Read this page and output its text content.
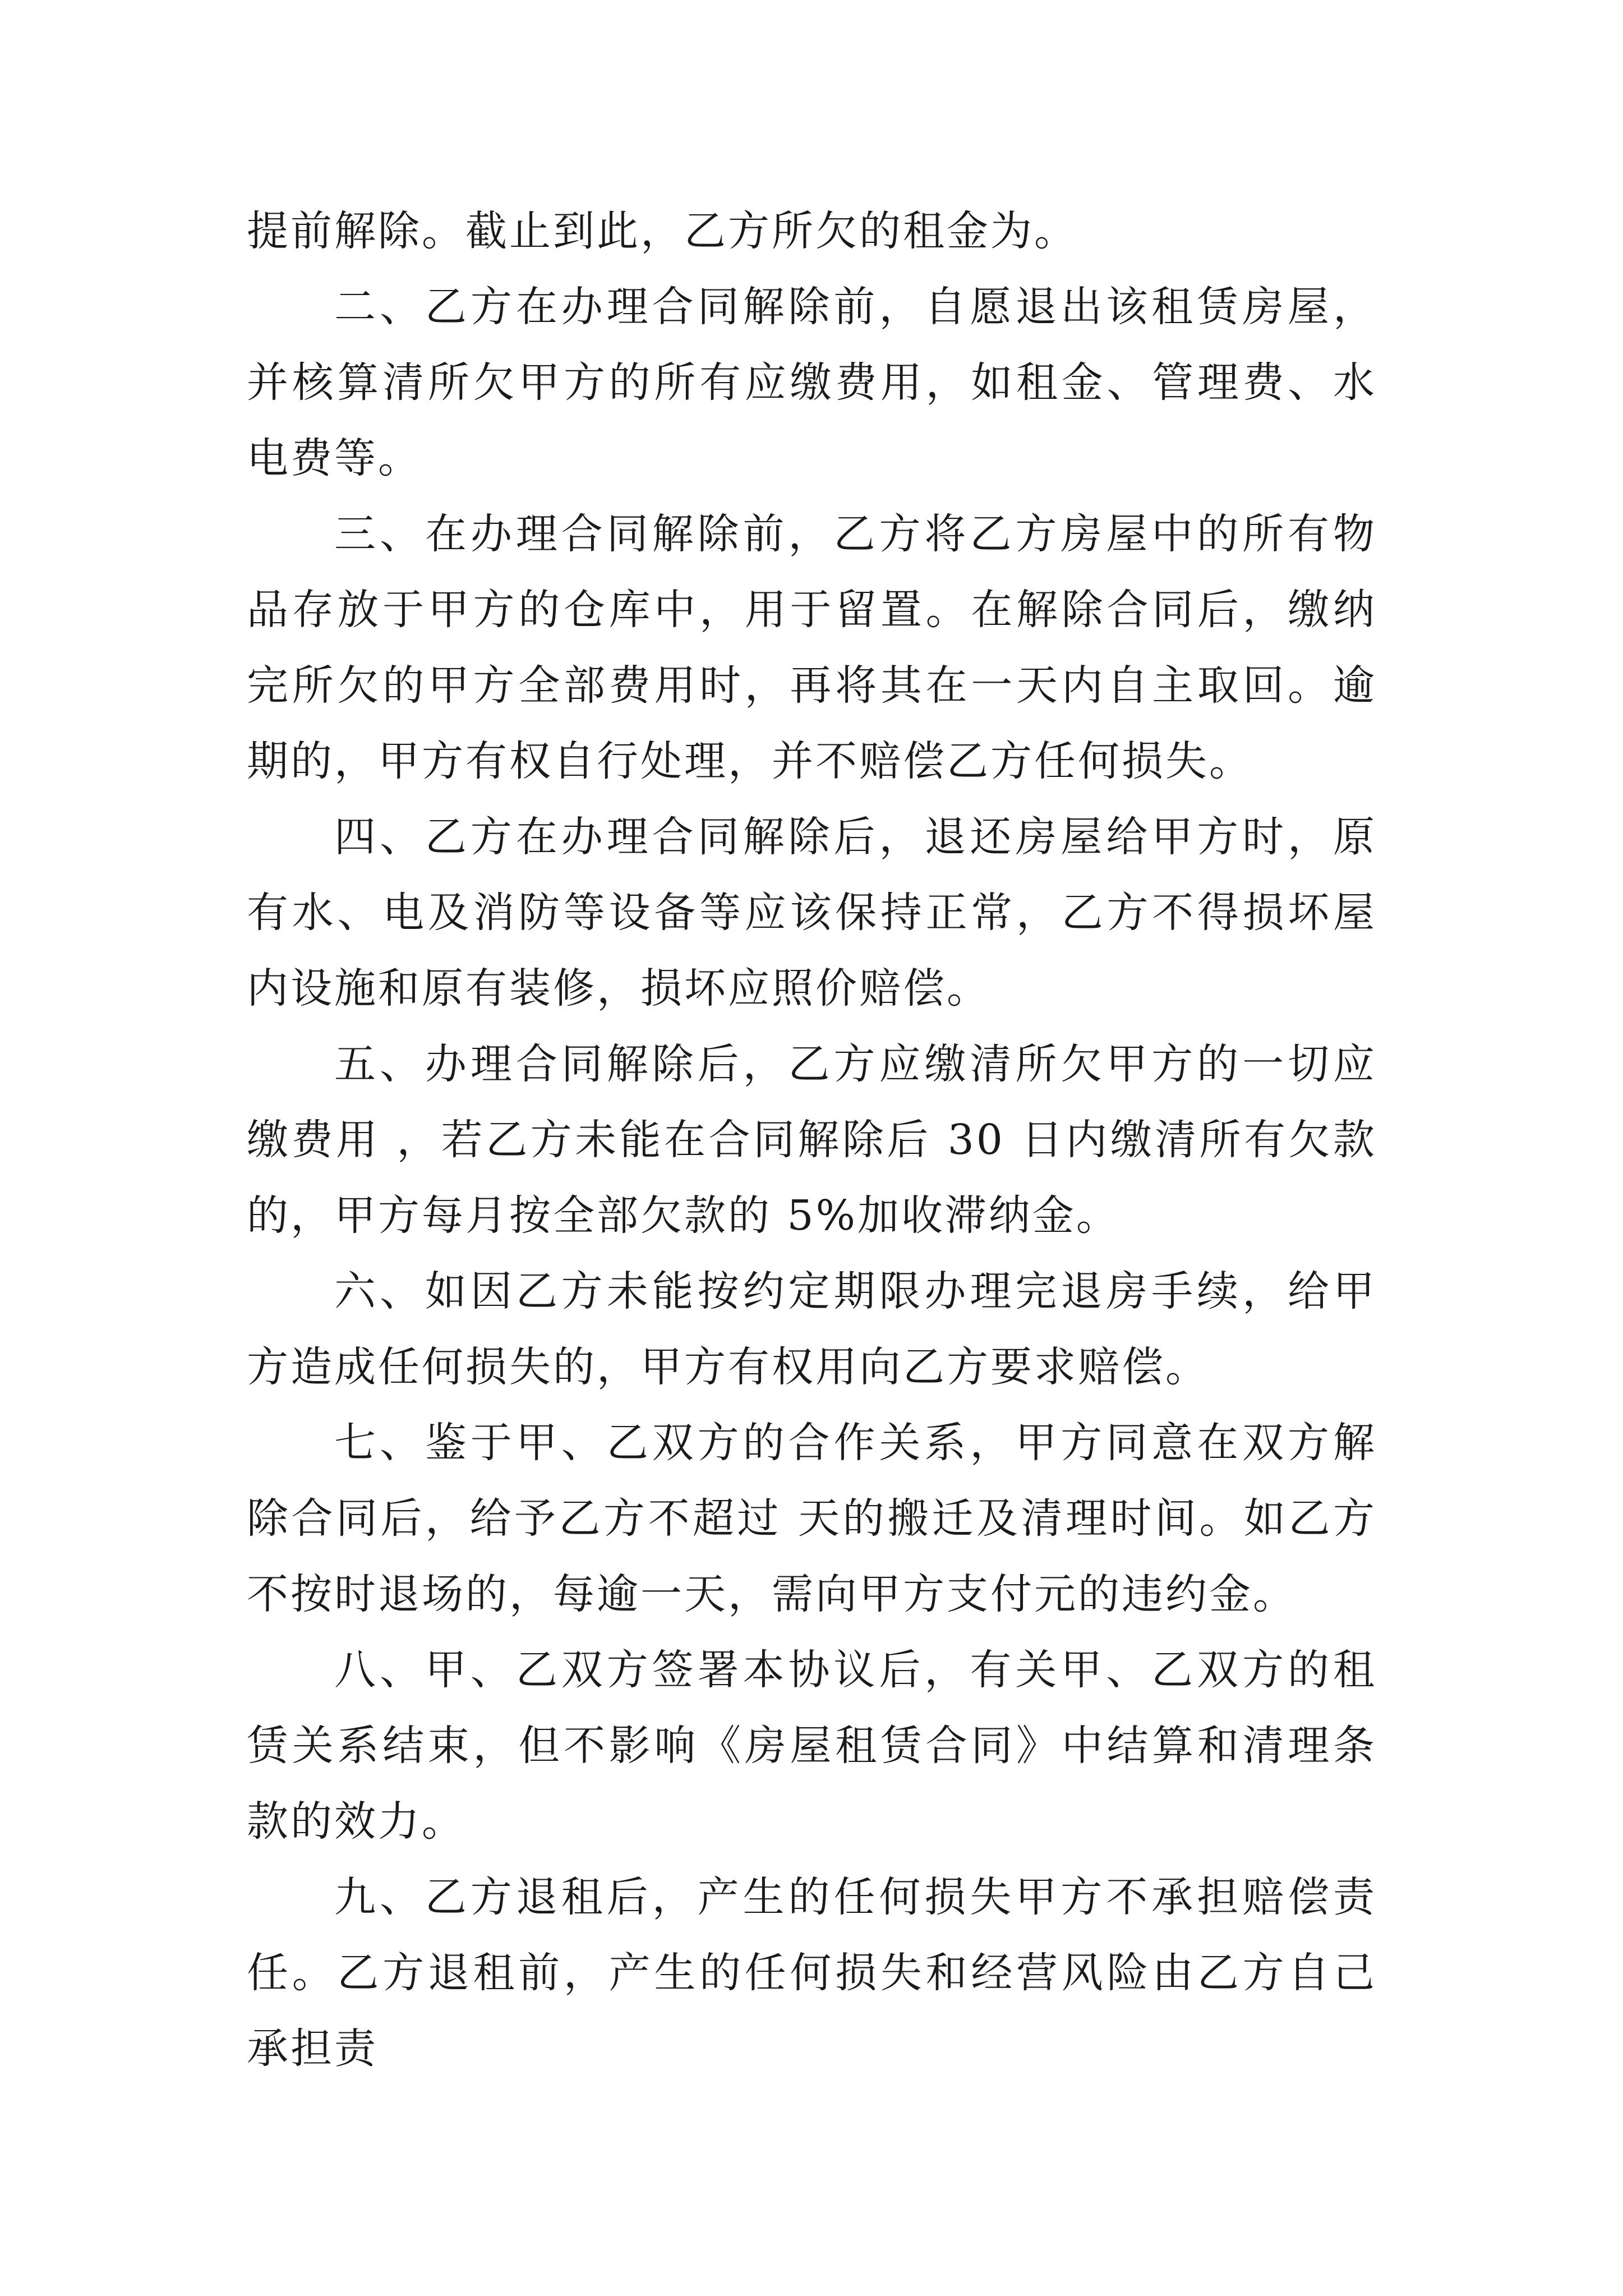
提前解除。截止到此，乙方所欠的租金为。

二、乙方在办理合同解除前，自愿退出该租赁房屋，并核算清所欠甲方的所有应缴费用，如租金、管理费、水电费等。

三、在办理合同解除前，乙方将乙方房屋中的所有物品存放于甲方的仓库中，用于留置。在解除合同后，缴纳完所欠的甲方全部费用时，再将其在一天内自主取回。逾期的，甲方有权自行处理，并不赔偿乙方任何损失。

四、乙方在办理合同解除后，退还房屋给甲方时，原有水、电及消防等设备等应该保持正常，乙方不得损坏屋内设施和原有装修，损坏应照价赔偿。

五、办理合同解除后，乙方应缴清所欠甲方的一切应缴费用 ，若乙方未能在合同解除后 30 日内缴清所有欠款的，甲方每月按全部欠款的 5%加收滞纳金。

六、如因乙方未能按约定期限办理完退房手续，给甲方造成任何损失的，甲方有权用向乙方要求赔偿。

七、鉴于甲、乙双方的合作关系，甲方同意在双方解除合同后，给予乙方不超过 天的搬迁及清理时间。如乙方不按时退场的，每逾一天，需向甲方支付元的违约金。

八、甲、乙双方签署本协议后，有关甲、乙双方的租赁关系结束，但不影响《房屋租赁合同》中结算和清理条款的效力。

九、乙方退租后，产生的任何损失甲方不承担赔偿责任。乙方退租前，产生的任何损失和经营风险由乙方自己承担责
